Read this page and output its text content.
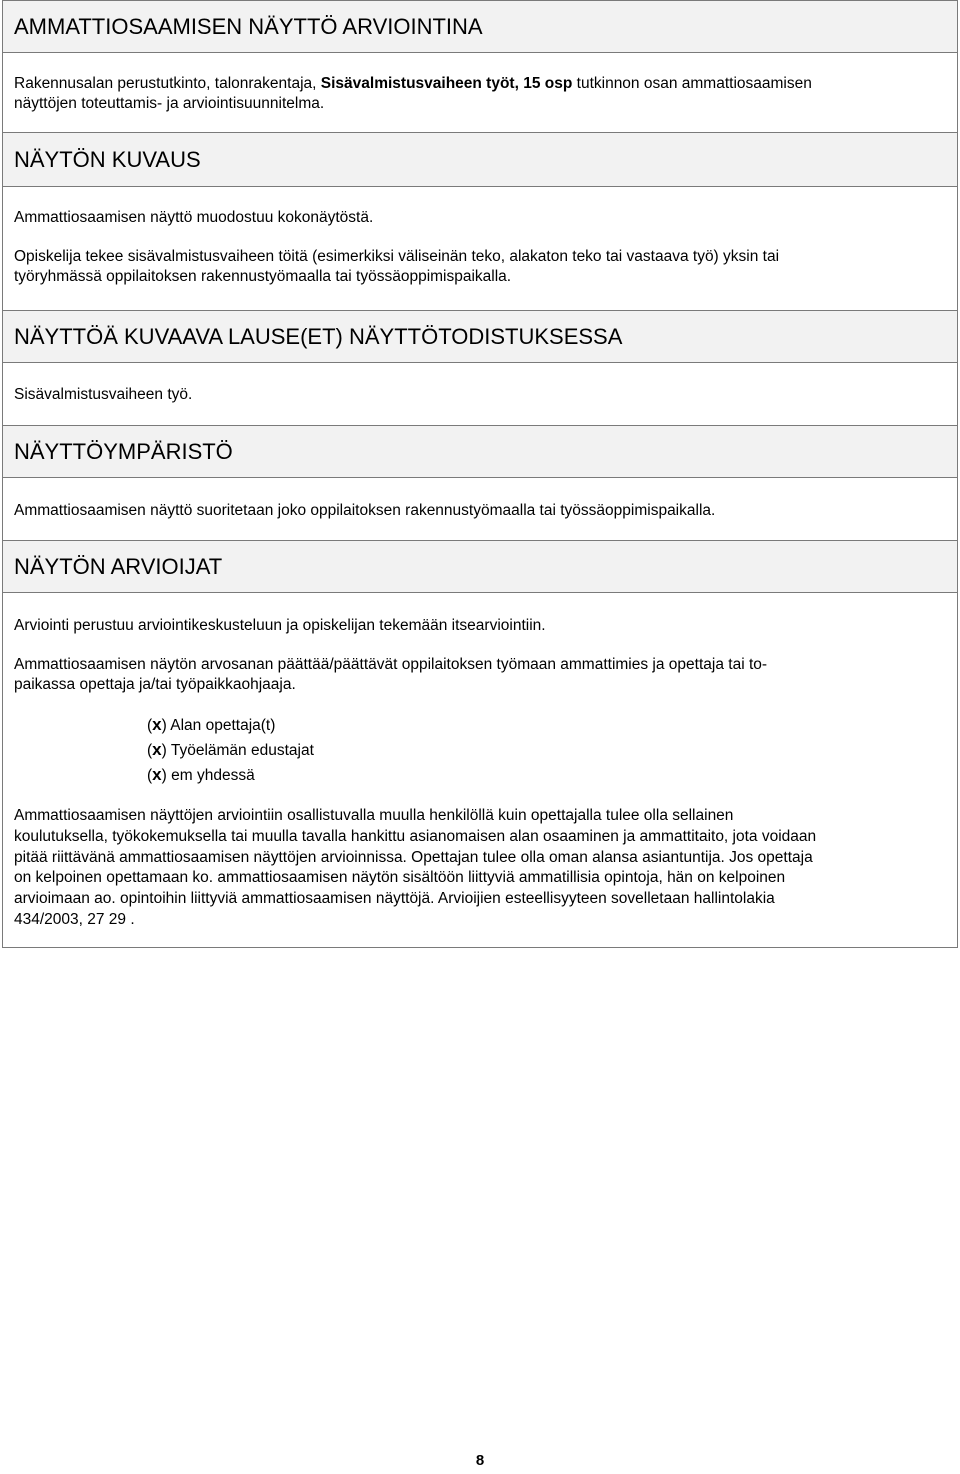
AMMATTIOSAAMISEN NÄYTTÖ ARVIOINTINA

Rakennusalan perustutkinto, talonrakentaja, Sisävalmistusvaiheen työt, 15 osp tutkinnon osan ammattiosaamisen
näyttöjen toteuttamis- ja arviointisuunnitelma.

NÄYTÖN KUVAUS

Ammattiosaamisen näyttö muodostuu kokonäytöstä.

Opiskelija tekee sisävalmistusvaiheen töitä (esimerkiksi väliseinän teko, alakaton teko tai vastaava työ) yksin tai
työryhmässä oppilaitoksen rakennustyömaalla tai työssäoppimispaikalla.

NÄYTTÖÄ KUVAAVA LAUSE(ET) NÄYTTÖTODISTUKSESSA

Sisävalmistusvaiheen työ.

NÄYTTÖYMPÄRISTÖ

Ammattiosaamisen näyttö suoritetaan joko oppilaitoksen rakennustyömaalla tai työssäoppimispaikalla.

NÄYTÖN ARVIOIJAT

Arviointi perustuu arviointikeskusteluun ja opiskelijan tekemään itsearviointiin.

Ammattiosaamisen näytön arvosanan päättää/päättävät oppilaitoksen työmaan ammattimies ja opettaja tai to-
paikassa opettaja ja/tai työpaikkaohjaaja.

(x) Alan opettaja(t)
(x) Työelämän edustajat
(x) em yhdessä

Ammattiosaamisen näyttöjen arviointiin osallistuvalla muulla henkilöllä kuin opettajalla tulee olla sellainen
koulutuksella, työkokemuksella tai muulla tavalla hankittu asianomaisen alan osaaminen ja ammattitaito, jota voidaan
pitää riittävänä ammattiosaamisen näyttöjen arvioinnissa. Opettajan tulee olla oman alansa asiantuntija. Jos opettaja
on kelpoinen opettamaan ko. ammattiosaamisen näytön sisältöön liittyviä ammatillisia opintoja, hän on kelpoinen
arvioimaan ao. opintoihin liittyviä ammattiosaamisen näyttöjä. Arvioijien esteellisyyteen sovelletaan hallintolakia
434/2003, 27 29 .

8
